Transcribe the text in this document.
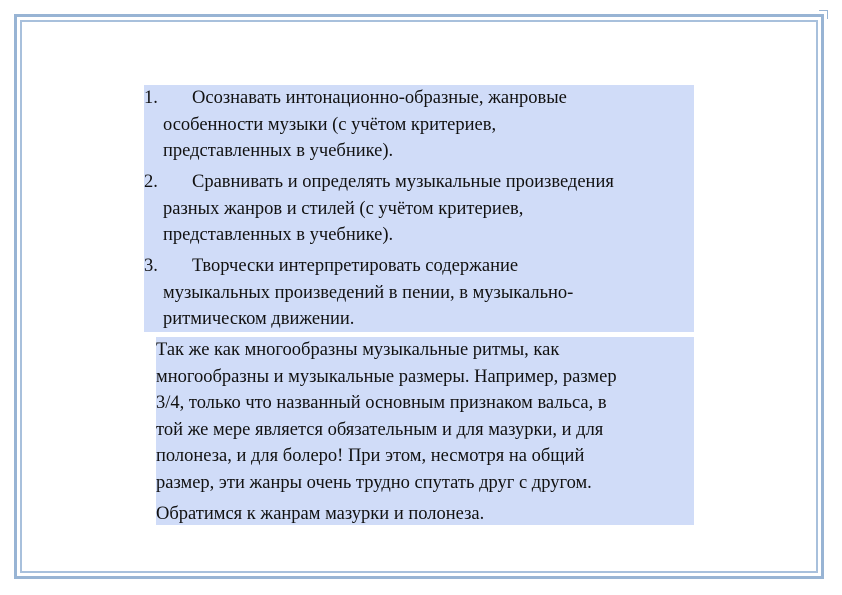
1. Осознавать интонационно-образные, жанровые
особенности музыки (с учётом критериев,
представленных в учебнике).
2. Сравнивать и определять музыкальные произведения
разных жанров и стилей (с учётом критериев,
представленных в учебнике).
3. Творчески интерпретировать содержание
музыкальных произведений в пении, в музыкально-
ритмическом движении.
Так же как многообразны музыкальные ритмы, как
многообразны и музыкальные размеры. Например, размер
3/4, только что названный основным признаком вальса, в
той же мере является обязательным и для мазурки, и для
полонеза, и для болеро! При этом, несмотря на общий
размер, эти жанры очень трудно спутать друг с другом.
Обратимся к жанрам мазурки и полонеза.
